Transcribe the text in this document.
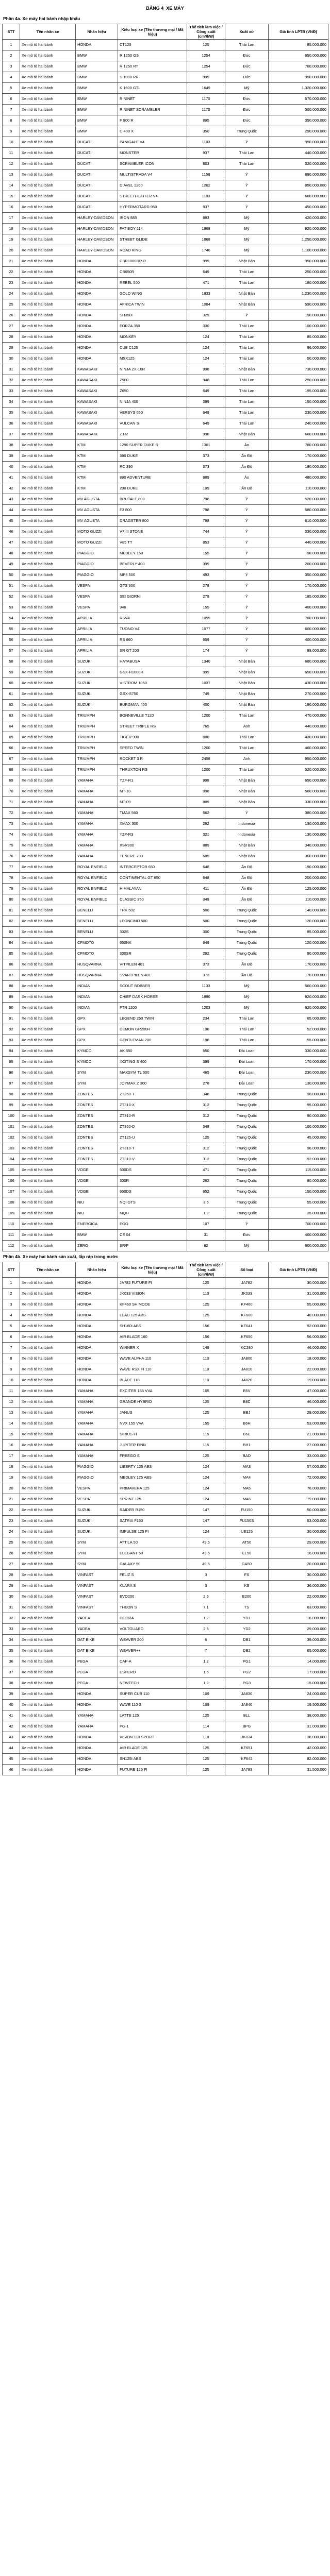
BẢNG 4_XE MÁY
Phần 4a. Xe máy hai bánh nhập khẩu
STT	Tên nhãn xe	Nhãn hiệu	Kiểu loại xe (Tên thương mại / Mã hiệu)	Thể tích làm việc / Công suất (cm³/kW)	Xuất xứ	Giá tính LPTB (VNĐ)
1	Xe mô tô hai bánh	HONDA	CT125	125	Thái Lan	85.000.000
2	Xe mô tô hai bánh	BMW	R 1250 GS	1254	Đức	650.000.000
3	Xe mô tô hai bánh	BMW	R 1250 RT	1254	Đức	760.000.000
4	Xe mô tô hai bánh	BMW	S 1000 RR	999	Đức	950.000.000
5	Xe mô tô hai bánh	BMW	K 1600 GTL	1649	Mỹ	1.320.000.000
6	Xe mô tô hai bánh	BMW	R NINET	1170	Đức	570.000.000
7	Xe mô tô hai bánh	BMW	R NINET SCRAMBLER	1170	Đức	500.000.000
8	Xe mô tô hai bánh	BMW	F 900 R	895	Đức	350.000.000
9	Xe mô tô hai bánh	BMW	C 400 X	350	Trung Quốc	290.000.000
10	Xe mô tô hai bánh	DUCATI	PANIGALE V4	1103	Ý	950.000.000
11	Xe mô tô hai bánh	DUCATI	MONSTER	937	Thái Lan	440.000.000
12	Xe mô tô hai bánh	DUCATI	SCRAMBLER ICON	803	Thái Lan	320.000.000
13	Xe mô tô hai bánh	DUCATI	MULTISTRADA V4	1158	Ý	890.000.000
14	Xe mô tô hai bánh	DUCATI	DIAVEL 1260	1262	Ý	850.000.000
15	Xe mô tô hai bánh	DUCATI	STREETFIGHTER V4	1103	Ý	660.000.000
16	Xe mô tô hai bánh	DUCATI	HYPERMOTARD 950	937	Ý	450.000.000
17	Xe mô tô hai bánh	HARLEY-DAVIDSON	IRON 883	883	Mỹ	420.000.000
18	Xe mô tô hai bánh	HARLEY-DAVIDSON	FAT BOY 114	1868	Mỹ	920.000.000
19	Xe mô tô hai bánh	HARLEY-DAVIDSON	STREET GLIDE	1868	Mỹ	1.250.000.000
20	Xe mô tô hai bánh	HARLEY-DAVIDSON	ROAD KING	1746	Mỹ	1.100.000.000
21	Xe mô tô hai bánh	HONDA	CBR1000RR-R	999	Nhật Bản	950.000.000
22	Xe mô tô hai bánh	HONDA	CB650R	649	Thái Lan	250.000.000
23	Xe mô tô hai bánh	HONDA	REBEL 500	471	Thái Lan	180.000.000
24	Xe mô tô hai bánh	HONDA	GOLD WING	1833	Nhật Bản	1.230.000.000
25	Xe mô tô hai bánh	HONDA	AFRICA TWIN	1084	Nhật Bản	590.000.000
26	Xe mô tô hai bánh	HONDA	SH350I	329	Ý	150.000.000
27	Xe mô tô hai bánh	HONDA	FORZA 350	330	Thái Lan	100.000.000
28	Xe mô tô hai bánh	HONDA	MONKEY	124	Thái Lan	85.000.000
29	Xe mô tô hai bánh	HONDA	CUB C125	124	Thái Lan	86.000.000
30	Xe mô tô hai bánh	HONDA	MSX125	124	Thái Lan	50.000.000
31	Xe mô tô hai bánh	KAWASAKI	NINJA ZX-10R	998	Nhật Bản	730.000.000
32	Xe mô tô hai bánh	KAWASAKI	Z900	948	Thái Lan	290.000.000
33	Xe mô tô hai bánh	KAWASAKI	Z650	649	Thái Lan	195.000.000
34	Xe mô tô hai bánh	KAWASAKI	NINJA 400	399	Thái Lan	150.000.000
35	Xe mô tô hai bánh	KAWASAKI	VERSYS 650	649	Thái Lan	230.000.000
36	Xe mô tô hai bánh	KAWASAKI	VULCAN S	649	Thái Lan	240.000.000
37	Xe mô tô hai bánh	KAWASAKI	Z H2	998	Nhật Bản	660.000.000
38	Xe mô tô hai bánh	KTM	1290 SUPER DUKE R	1301	Áo	780.000.000
39	Xe mô tô hai bánh	KTM	390 DUKE	373	Ấn Độ	170.000.000
40	Xe mô tô hai bánh	KTM	RC 390	373	Ấn Độ	180.000.000
41	Xe mô tô hai bánh	KTM	890 ADVENTURE	889	Áo	480.000.000
42	Xe mô tô hai bánh	KTM	200 DUKE	199	Ấn Độ	110.000.000
43	Xe mô tô hai bánh	MV AGUSTA	BRUTALE 800	798	Ý	520.000.000
44	Xe mô tô hai bánh	MV AGUSTA	F3 800	798	Ý	580.000.000
45	Xe mô tô hai bánh	MV AGUSTA	DRAGSTER 800	798	Ý	610.000.000
46	Xe mô tô hai bánh	MOTO GUZZI	V7 III STONE	744	Ý	330.000.000
47	Xe mô tô hai bánh	MOTO GUZZI	V85 TT	853	Ý	440.000.000
48	Xe mô tô hai bánh	PIAGGIO	MEDLEY 150	155	Ý	98.000.000
49	Xe mô tô hai bánh	PIAGGIO	BEVERLY 400	399	Ý	200.000.000
50	Xe mô tô hai bánh	PIAGGIO	MP3 500	493	Ý	350.000.000
51	Xe mô tô hai bánh	VESPA	GTS 300	278	Ý	170.000.000
52	Xe mô tô hai bánh	VESPA	SEI GIORNI	278	Ý	185.000.000
53	Xe mô tô hai bánh	VESPA	946	155	Ý	400.000.000
54	Xe mô tô hai bánh	APRILIA	RSV4	1099	Ý	760.000.000
55	Xe mô tô hai bánh	APRILIA	TUONO V4	1077	Ý	600.000.000
56	Xe mô tô hai bánh	APRILIA	RS 660	659	Ý	400.000.000
57	Xe mô tô hai bánh	APRILIA	SR GT 200	174	Ý	98.000.000
58	Xe mô tô hai bánh	SUZUKI	HAYABUSA	1340	Nhật Bản	680.000.000
59	Xe mô tô hai bánh	SUZUKI	GSX-R1000R	999	Nhật Bản	650.000.000
60	Xe mô tô hai bánh	SUZUKI	V-STROM 1050	1037	Nhật Bản	430.000.000
61	Xe mô tô hai bánh	SUZUKI	GSX-S750	749	Nhật Bản	270.000.000
62	Xe mô tô hai bánh	SUZUKI	BURGMAN 400	400	Nhật Bản	190.000.000
63	Xe mô tô hai bánh	TRIUMPH	BONNEVILLE T120	1200	Thái Lan	470.000.000
64	Xe mô tô hai bánh	TRIUMPH	STREET TRIPLE RS	765	Anh	440.000.000
65	Xe mô tô hai bánh	TRIUMPH	TIGER 900	888	Thái Lan	430.000.000
66	Xe mô tô hai bánh	TRIUMPH	SPEED TWIN	1200	Thái Lan	460.000.000
67	Xe mô tô hai bánh	TRIUMPH	ROCKET 3 R	2458	Anh	950.000.000
68	Xe mô tô hai bánh	TRIUMPH	THRUXTON RS	1200	Thái Lan	520.000.000
69	Xe mô tô hai bánh	YAMAHA	YZF-R1	998	Nhật Bản	650.000.000
70	Xe mô tô hai bánh	YAMAHA	MT-10	998	Nhật Bản	560.000.000
71	Xe mô tô hai bánh	YAMAHA	MT-09	889	Nhật Bản	330.000.000
72	Xe mô tô hai bánh	YAMAHA	TMAX 560	562	Ý	380.000.000
73	Xe mô tô hai bánh	YAMAHA	XMAX 300	292	Indonesia	130.000.000
74	Xe mô tô hai bánh	YAMAHA	YZF-R3	321	Indonesia	130.000.000
75	Xe mô tô hai bánh	YAMAHA	XSR900	889	Nhật Bản	340.000.000
76	Xe mô tô hai bánh	YAMAHA	TENERE 700	689	Nhật Bản	360.000.000
77	Xe mô tô hai bánh	ROYAL ENFIELD	INTERCEPTOR 650	648	Ấn Độ	190.000.000
78	Xe mô tô hai bánh	ROYAL ENFIELD	CONTINENTAL GT 650	648	Ấn Độ	200.000.000
79	Xe mô tô hai bánh	ROYAL ENFIELD	HIMALAYAN	411	Ấn Độ	125.000.000
80	Xe mô tô hai bánh	ROYAL ENFIELD	CLASSIC 350	349	Ấn Độ	110.000.000
81	Xe mô tô hai bánh	BENELLI	TRK 502	500	Trung Quốc	140.000.000
82	Xe mô tô hai bánh	BENELLI	LEONCINO 500	500	Trung Quốc	120.000.000
83	Xe mô tô hai bánh	BENELLI	302S	300	Trung Quốc	85.000.000
84	Xe mô tô hai bánh	CFMOTO	650NK	649	Trung Quốc	120.000.000
85	Xe mô tô hai bánh	CFMOTO	300SR	292	Trung Quốc	90.000.000
86	Xe mô tô hai bánh	HUSQVARNA	VITPILEN 401	373	Ấn Độ	170.000.000
87	Xe mô tô hai bánh	HUSQVARNA	SVARTPILEN 401	373	Ấn Độ	170.000.000
88	Xe mô tô hai bánh	INDIAN	SCOUT BOBBER	1133	Mỹ	560.000.000
89	Xe mô tô hai bánh	INDIAN	CHIEF DARK HORSE	1890	Mỹ	920.000.000
90	Xe mô tô hai bánh	INDIAN	FTR 1200	1203	Mỹ	620.000.000
91	Xe mô tô hai bánh	GPX	LEGEND 250 TWIN	234	Thái Lan	65.000.000
92	Xe mô tô hai bánh	GPX	DEMON GR200R	198	Thái Lan	52.000.000
93	Xe mô tô hai bánh	GPX	GENTLEMAN 200	198	Thái Lan	55.000.000
94	Xe mô tô hai bánh	KYMCO	AK 550	550	Đài Loan	330.000.000
95	Xe mô tô hai bánh	KYMCO	XCITING S 400	399	Đài Loan	170.000.000
96	Xe mô tô hai bánh	SYM	MAXSYM TL 500	465	Đài Loan	230.000.000
97	Xe mô tô hai bánh	SYM	JOYMAX Z 300	278	Đài Loan	130.000.000
98	Xe mô tô hai bánh	ZONTES	ZT350-T	348	Trung Quốc	98.000.000
99	Xe mô tô hai bánh	ZONTES	ZT310-X	312	Trung Quốc	95.000.000
100	Xe mô tô hai bánh	ZONTES	ZT310-R	312	Trung Quốc	90.000.000
101	Xe mô tô hai bánh	ZONTES	ZT350-D	348	Trung Quốc	100.000.000
102	Xe mô tô hai bánh	ZONTES	ZT125-U	125	Trung Quốc	45.000.000
103	Xe mô tô hai bánh	ZONTES	ZT310-T	312	Trung Quốc	96.000.000
104	Xe mô tô hai bánh	ZONTES	ZT310-V	312	Trung Quốc	92.000.000
105	Xe mô tô hai bánh	VOGE	500DS	471	Trung Quốc	115.000.000
106	Xe mô tô hai bánh	VOGE	300R	292	Trung Quốc	80.000.000
107	Xe mô tô hai bánh	VOGE	650DS	652	Trung Quốc	150.000.000
108	Xe mô tô hai bánh	NIU	NQI GTS	3,5	Trung Quốc	55.000.000
109	Xe mô tô hai bánh	NIU	MQI+	1,2	Trung Quốc	35.000.000
110	Xe mô tô hai bánh	ENERGICA	EGO	107	Ý	700.000.000
111	Xe mô tô hai bánh	BMW	CE 04	31	Đức	400.000.000
112	Xe mô tô hai bánh	ZERO	SR/F	82	Mỹ	600.000.000
Phần 4b. Xe máy hai bánh sản xuất, lắp ráp trong nước
STT	Tên nhãn xe	Nhãn hiệu	Kiểu loại xe (Tên thương mại / Mã hiệu)	Thể tích làm việc / Công suất (cm³/kW)	Số loại	Giá tính LPTB (VNĐ)
1	Xe mô tô hai bánh	HONDA	JA782 FUTURE FI	125	JA782	30.000.000
2	Xe mô tô hai bánh	HONDA	JK033 VISION	110	JK033	31.000.000
3	Xe mô tô hai bánh	HONDA	KF460 SH MODE	125	KF460	55.000.000
4	Xe mô tô hai bánh	HONDA	LEAD 125 ABS	125	KF600	40.000.000
5	Xe mô tô hai bánh	HONDA	SH160I ABS	156	KF641	92.000.000
6	Xe mô tô hai bánh	HONDA	AIR BLADE 160	156	KF650	56.000.000
7	Xe mô tô hai bánh	HONDA	WINNER X	149	KC280	46.000.000
8	Xe mô tô hai bánh	HONDA	WAVE ALPHA 110	110	JA800	18.000.000
9	Xe mô tô hai bánh	HONDA	WAVE RSX FI 110	110	JA810	22.000.000
10	Xe mô tô hai bánh	HONDA	BLADE 110	110	JA820	19.000.000
11	Xe mô tô hai bánh	YAMAHA	EXCITER 155 VVA	155	B5V	47.000.000
12	Xe mô tô hai bánh	YAMAHA	GRANDE HYBRID	125	B8C	46.000.000
13	Xe mô tô hai bánh	YAMAHA	JANUS	125	BBJ	29.000.000
14	Xe mô tô hai bánh	YAMAHA	NVX 155 VVA	155	B6H	53.000.000
15	Xe mô tô hai bánh	YAMAHA	SIRIUS FI	115	B6E	21.000.000
16	Xe mô tô hai bánh	YAMAHA	JUPITER FINN	115	BH1	27.000.000
17	Xe mô tô hai bánh	YAMAHA	FREEGO S	125	BAD	33.000.000
18	Xe mô tô hai bánh	PIAGGIO	LIBERTY 125 ABS	124	MA3	57.000.000
19	Xe mô tô hai bánh	PIAGGIO	MEDLEY 125 ABS	124	MA4	72.000.000
20	Xe mô tô hai bánh	VESPA	PRIMAVERA 125	124	MA5	76.000.000
21	Xe mô tô hai bánh	VESPA	SPRINT 125	124	MA6	79.000.000
22	Xe mô tô hai bánh	SUZUKI	RAIDER R150	147	FU150	50.000.000
23	Xe mô tô hai bánh	SUZUKI	SATRIA F150	147	FU150S	53.000.000
24	Xe mô tô hai bánh	SUZUKI	IMPULSE 125 FI	124	UE125	30.000.000
25	Xe mô tô hai bánh	SYM	ATTILA 50	49,5	AT50	29.000.000
26	Xe mô tô hai bánh	SYM	ELEGANT 50	49,5	EL50	16.000.000
27	Xe mô tô hai bánh	SYM	GALAXY 50	49,5	GA50	20.000.000
28	Xe mô tô hai bánh	VINFAST	FELIZ S	3	FS	30.000.000
29	Xe mô tô hai bánh	VINFAST	KLARA S	3	KS	36.000.000
30	Xe mô tô hai bánh	VINFAST	EVO200	2,5	E200	22.000.000
31	Xe mô tô hai bánh	VINFAST	THEON S	7,1	TS	63.000.000
32	Xe mô tô hai bánh	YADEA	ODORA	1,2	YD1	16.000.000
33	Xe mô tô hai bánh	YADEA	VOLTGUARD	2,5	YD2	29.000.000
34	Xe mô tô hai bánh	DAT BIKE	WEAVER 200	6	DB1	39.000.000
35	Xe mô tô hai bánh	DAT BIKE	WEAVER++	7	DB2	65.000.000
36	Xe mô tô hai bánh	PEGA	CAP-A	1,2	PG1	14.000.000
37	Xe mô tô hai bánh	PEGA	ESPERO	1,5	PG2	17.000.000
38	Xe mô tô hai bánh	PEGA	NEWTECH	1,2	PG3	15.000.000
39	Xe mô tô hai bánh	HONDA	SUPER CUB 110	109	JA830	24.000.000
40	Xe mô tô hai bánh	HONDA	WAVE 110 S	109	JA840	19.500.000
41	Xe mô tô hai bánh	YAMAHA	LATTE 125	125	BLL	38.000.000
42	Xe mô tô hai bánh	YAMAHA	PG-1	114	BPG	31.000.000
43	Xe mô tô hai bánh	HONDA	VISION 110 SPORT	110	JK034	36.000.000
44	Xe mô tô hai bánh	HONDA	AIR BLADE 125	125	KF651	42.000.000
45	Xe mô tô hai bánh	HONDA	SH125I ABS	125	KF642	82.000.000
46	Xe mô tô hai bánh	HONDA	FUTURE 125 FI	125	JA783	31.500.000
